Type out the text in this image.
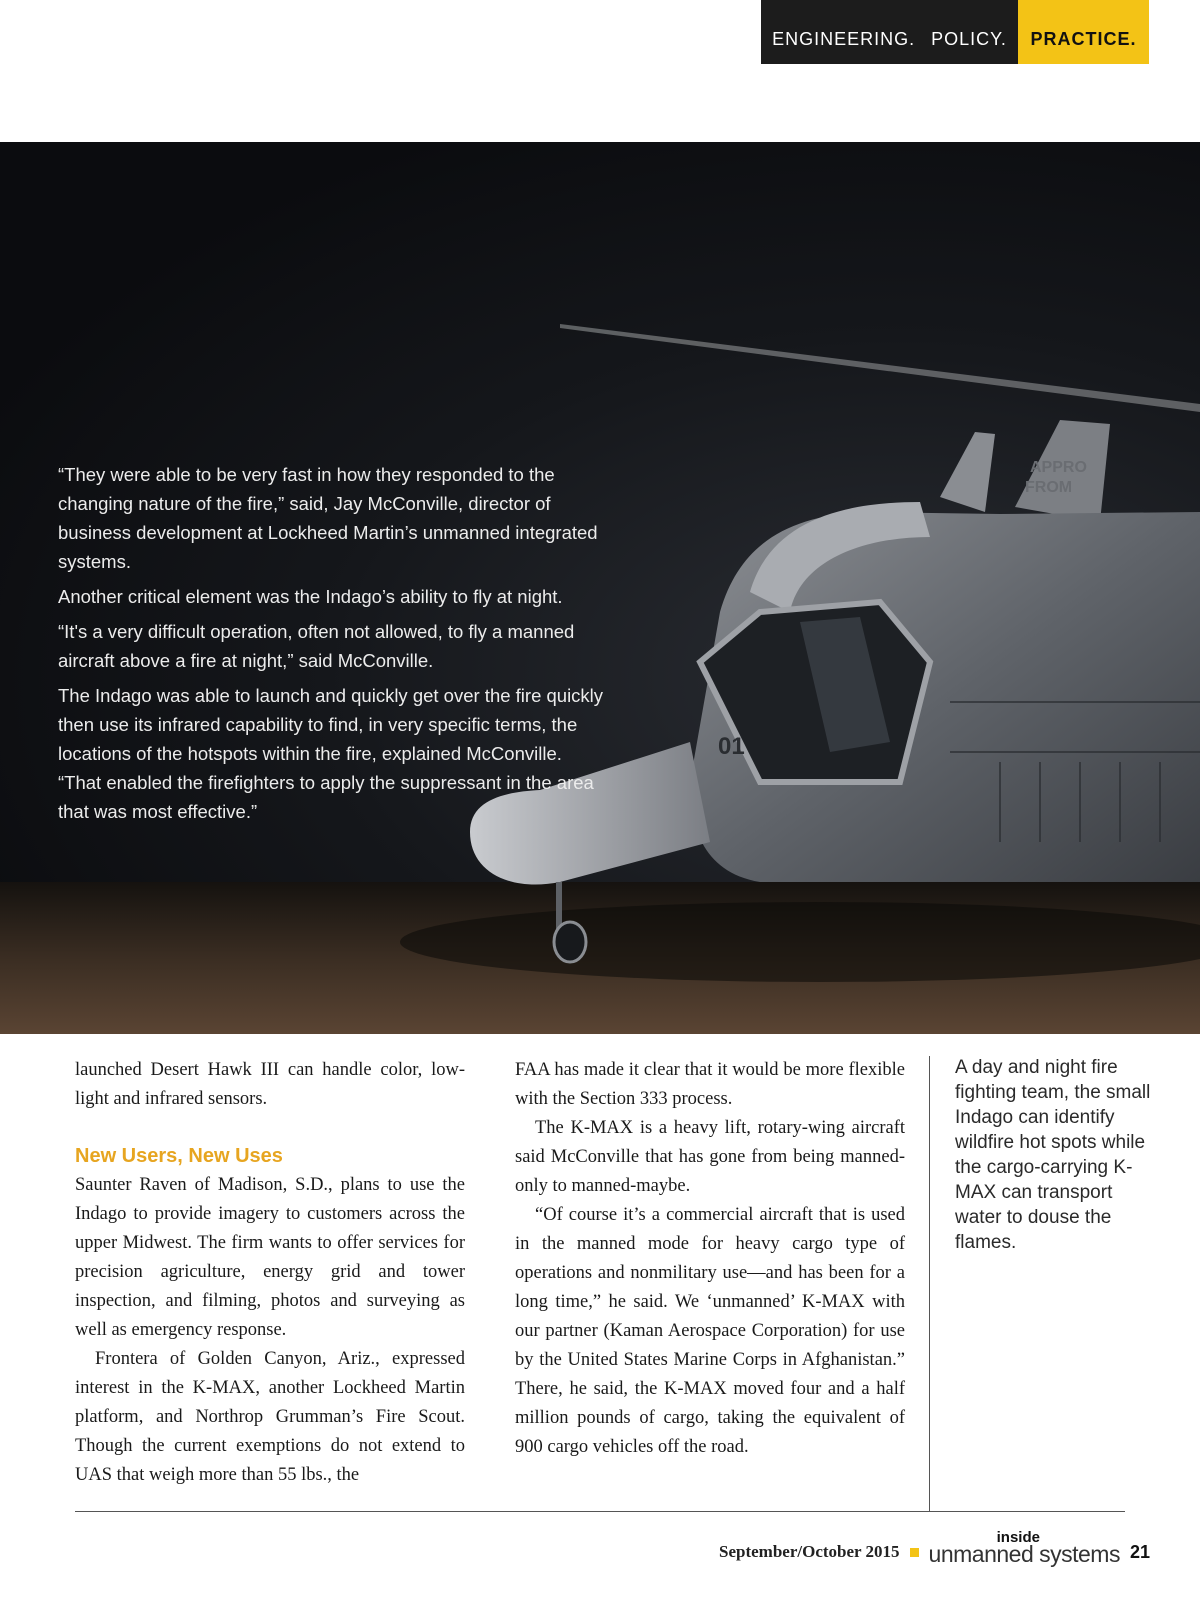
ENGINEERING. POLICY.	PRACTICE.
01
APPRO
FROM

“They were able to be very fast in how they responded to the changing nature of the fire,” said, Jay McConville, director of business development at Lockheed Martin’s unmanned integrated systems.

Another critical element was the Indago’s ability to fly at night.

“It's a very difficult operation, often not allowed, to fly a manned aircraft above a fire at night,” said McConville.

The Indago was able to launch and quickly get over the fire quickly then use its infrared capability to find, in very specific terms, the locations of the hotspots within the fire, explained McConville. “That enabled the firefighters to apply the suppressant in the area that was most effective.”

launched Desert Hawk III can handle color, low-light and infrared sensors.

New Users, New Uses

Saunter Raven of Madison, S.D., plans to use the Indago to provide imagery to customers across the upper Midwest. The firm wants to offer services for precision agriculture, energy grid and tower inspection, and filming, photos and surveying as well as emergency response.

Frontera of Golden Canyon, Ariz., expressed interest in the K-MAX, another Lockheed Martin platform, and Northrop Grumman’s Fire Scout. Though the current exemptions do not extend to UAS that weigh more than 55 lbs., the

FAA has made it clear that it would be more flexible with the Section 333 process.

The K-MAX is a heavy lift, rotary-wing aircraft said McConville that has gone from being manned-only to manned-maybe.

“Of course it’s a commercial aircraft that is used in the manned mode for heavy cargo type of operations and nonmilitary use—and has been for a long time,” he said. We ‘unmanned’ K-MAX with our partner (Kaman Aerospace Corporation) for use by the United States Marine Corps in Afghanistan.” There, he said, the K-MAX moved four and a half million pounds of cargo, taking the equivalent of 900 cargo vehicles off the road.

A day and night fire fighting team, the small Indago can identify wildfire hot spots while the cargo-carrying K-MAX can transport water to douse the flames.
September/October 2015
inside
unmanned systems 21
